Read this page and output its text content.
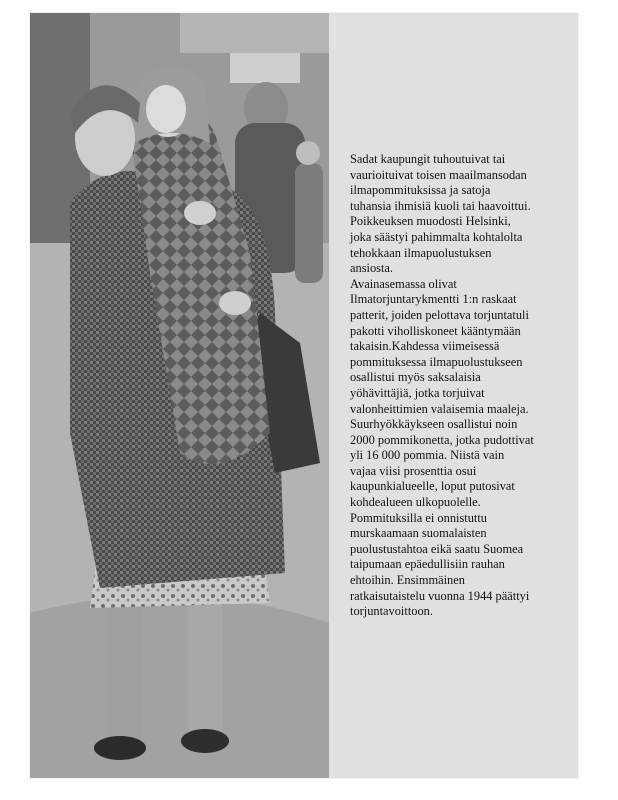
Sadat kaupungit tuhoutuivat tai
vaurioituivat toisen maailmansodan
ilmapommituksissa ja satoja
tuhansia ihmisiä kuoli tai haavoittui.
Poikkeuksen muodosti Helsinki,
joka säästyi pahimmalta kohtalolta
tehokkaan ilmapuolustuksen
ansiosta.
Avainasemassa olivat
Ilmatorjuntarykmentti 1:n raskaat
patterit, joiden pelottava torjuntatuli
pakotti viholliskoneet kääntymään
takaisin.Kahdessa viimeisessä
pommituksessa ilmapuolustukseen
osallistui myös saksalaisia
yöhävittäjiä, jotka torjuivat
valonheittimien valaisemia maaleja.
Suurhyökkäykseen osallistui noin
2000 pommikonetta, jotka pudottivat
yli 16 000 pommia. Niistä vain
vajaa viisi prosenttia osui
kaupunkialueelle, loput putosivat
kohdealueen ulkopuolelle.
Pommituksilla ei onnistuttu
murskaamaan suomalaisten
puolustustahtoa eikä saatu Suomea
taipumaan epäedullisiin rauhan
ehtoihin. Ensimmäinen
ratkaisutaistelu vuonna 1944 päättyi
torjuntavoittoon.
